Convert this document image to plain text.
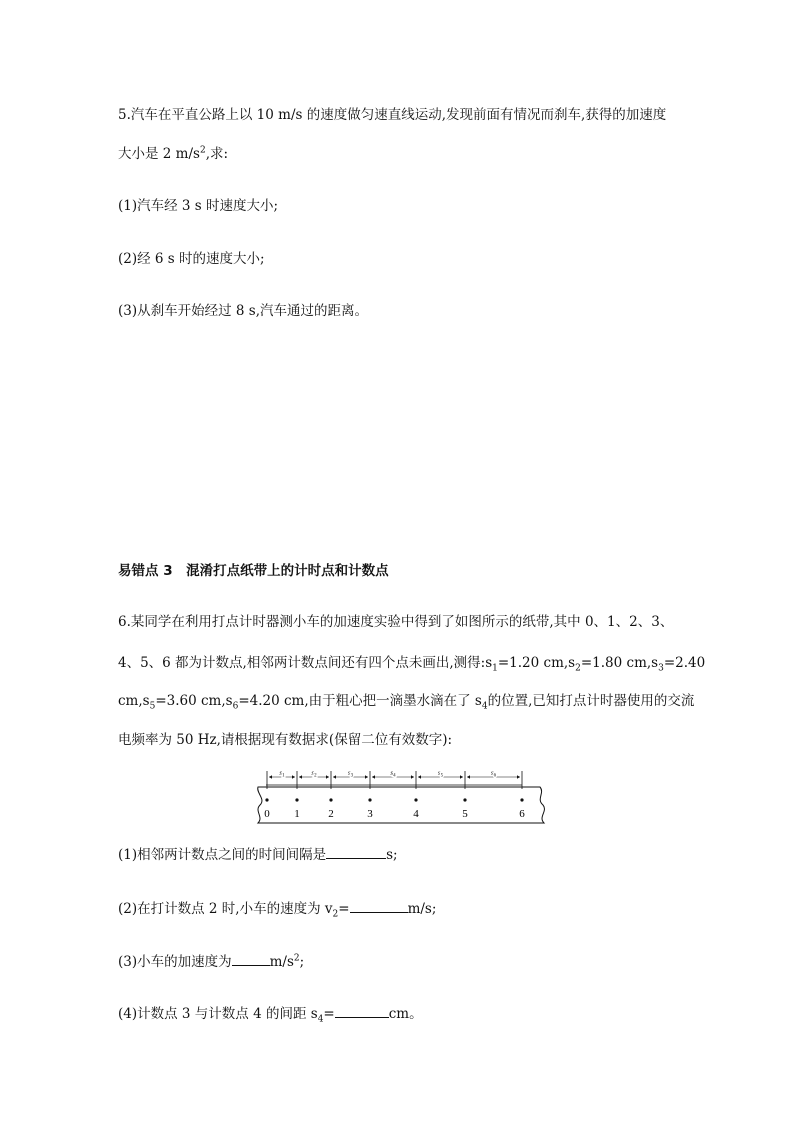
5.汽车在平直公路上以 10 m/s 的速度做匀速直线运动,发现前面有情况而刹车,获得的加速度
大小是 2 $m/s^2$,求:
(1)汽车经 3 s 时速度大小;
(2)经 6 s 时的速度大小;
(3)从刹车开始经过 8 s,汽车通过的距离。
易错点 3　混淆打点纸带上的计时点和计数点
6.某同学在利用打点计时器测小车的加速度实验中得到了如图所示的纸带,其中 0、1、2、3、
4、5、6 都为计数点,相邻两计数点间还有四个点未画出,测得$:s_1=1.20$ $cm,s_2=1.80$ $cm,s_3=2.40$
$cm,s_5=3.60$ $cm,s_6=4.20$ cm,由于粗心把一滴墨水滴在了 $s_4$的位置,已知打点计时器使用的交流
电频率为 50 Hz,请根据现有数据求(保留二位有效数字):
0 1	2	3	4	5	6
$s_1$	$s_2$	$s_3$	$s_4$	$s_5$	$s_6$
(1)相邻两计数点之间的时间间隔是	s;
(2)在打计数点 2 时,小车的速度为 $v_2=$	m/s;
(3)小车的加速度为	$m/s^2$;
(4)计数点 3 与计数点 4 的间距 $s_4=$	cm。
